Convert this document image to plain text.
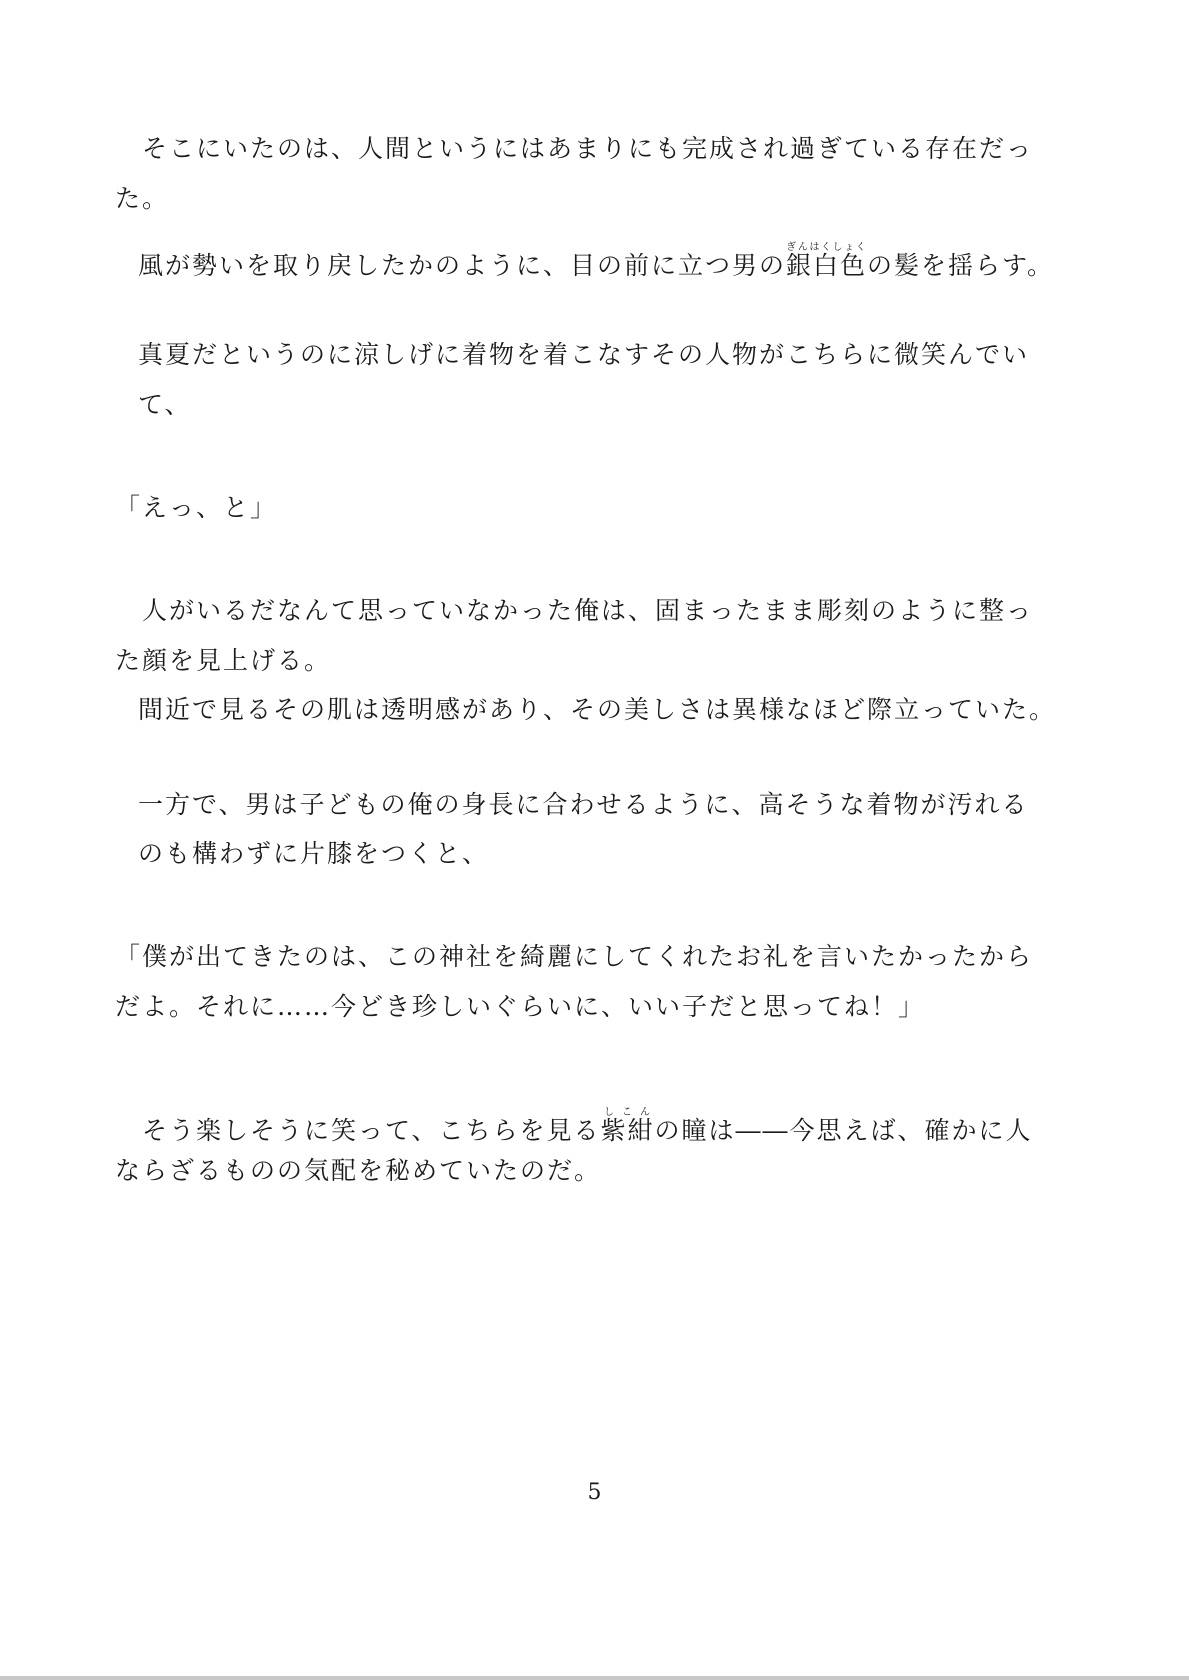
　そこにいたのは、人間というにはあまりにも完成され過ぎている存在だっ
た。
風が勢いを取り戻したかのように、目の前に立つ男の銀白色ぎんはくしょくの髪を揺らす。
真夏だというのに涼しげに着物を着こなすその人物がこちらに微笑んでい
て、
「えっ、と」
　人がいるだなんて思っていなかった俺は、固まったまま彫刻のように整っ
た顔を見上げる。
間近で見るその肌は透明感があり、その美しさは異様なほど際立っていた。
一方で、男は子どもの俺の身長に合わせるように、高そうな着物が汚れる
のも構わずに片膝をつくと、
「僕が出てきたのは、この神社を綺麗にしてくれたお礼を言いたかったから
だよ。それに……今どき珍しいぐらいに、いい子だと思ってね！」
　そう楽しそうに笑って、こちらを見る紫紺しこんの瞳は――今思えば、確かに人
ならざるものの気配を秘めていたのだ。
5
